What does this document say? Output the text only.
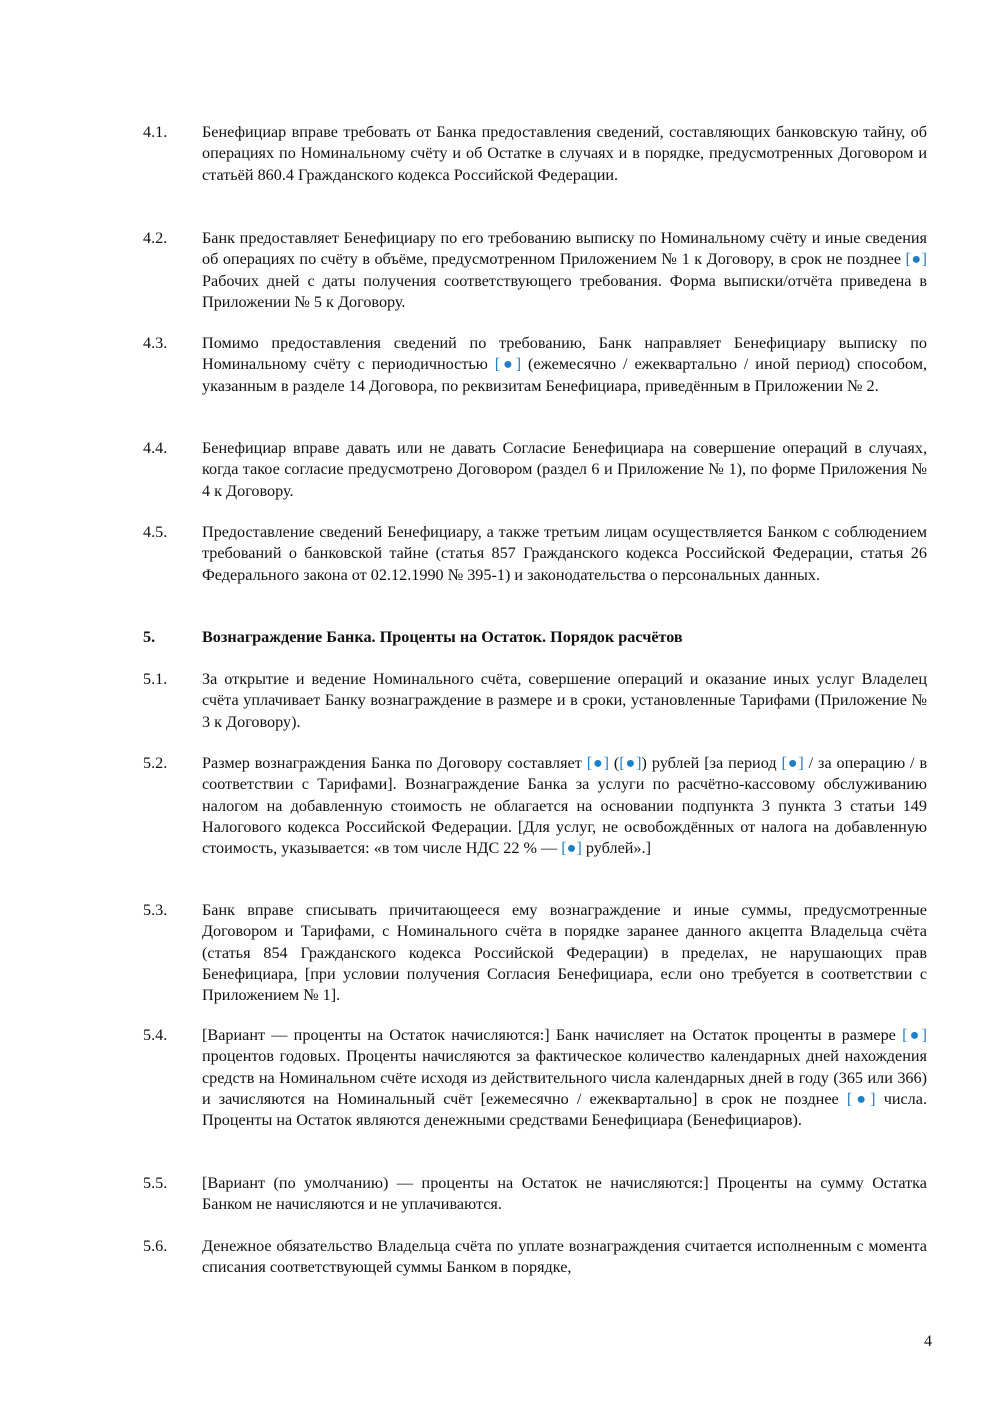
4.1.	Бенефициар вправе требовать от Банка предоставления сведений, составляющих банковскую тайну, об операциях по Номинальному счёту и об Остатке в случаях и в порядке, предусмотренных Договором и статьёй 860.4 Гражданского кодекса Российской Федерации.
4.2.	Банк предоставляет Бенефициару по его требованию выписку по Номинальному счёту и иные сведения об операциях по счёту в объёме, предусмотренном Приложением № 1 к Договору, в срок не позднее [●] Рабочих дней с даты получения соответствующего требования. Форма выписки/отчёта приведена в Приложении № 5 к Договору.
4.3.	Помимо предоставления сведений по требованию, Банк направляет Бенефициару выписку по Номинальному счёту с периодичностью [●] (ежемесячно / ежеквартально / иной период) способом, указанным в разделе 14 Договора, по реквизитам Бенефициара, приведённым в Приложении № 2.
4.4.	Бенефициар вправе давать или не давать Согласие Бенефициара на совершение операций в случаях, когда такое согласие предусмотрено Договором (раздел 6 и Приложение № 1), по форме Приложения № 4 к Договору.
4.5.	Предоставление сведений Бенефициару, а также третьим лицам осуществляется Банком с соблюдением требований о банковской тайне (статья 857 Гражданского кодекса Российской Федерации, статья 26 Федерального закона от 02.12.1990 № 395-1) и законодательства о персональных данных.
5.	Вознаграждение Банка. Проценты на Остаток. Порядок расчётов
5.1.	За открытие и ведение Номинального счёта, совершение операций и оказание иных услуг Владелец счёта уплачивает Банку вознаграждение в размере и в сроки, установленные Тарифами (Приложение № 3 к Договору).
5.2.	Размер вознаграждения Банка по Договору составляет [●] ([●]) рублей [за период [●] / за операцию / в соответствии с Тарифами]. Вознаграждение Банка за услуги по расчётно-кассовому обслуживанию налогом на добавленную стоимость не облагается на основании подпункта 3 пункта 3 статьи 149 Налогового кодекса Российской Федерации. [Для услуг, не освобождённых от налога на добавленную стоимость, указывается: «в том числе НДС 22 % — [●] рублей».]
5.3.	Банк вправе списывать причитающееся ему вознаграждение и иные суммы, предусмотренные Договором и Тарифами, с Номинального счёта в порядке заранее данного акцепта Владельца счёта (статья 854 Гражданского кодекса Российской Федерации) в пределах, не нарушающих прав Бенефициара, [при условии получения Согласия Бенефициара, если оно требуется в соответствии с Приложением № 1].
5.4.	[Вариант — проценты на Остаток начисляются:] Банк начисляет на Остаток проценты в размере [●] процентов годовых. Проценты начисляются за фактическое количество календарных дней нахождения средств на Номинальном счёте исходя из действительного числа календарных дней в году (365 или 366) и зачисляются на Номинальный счёт [ежемесячно / ежеквартально] в срок не позднее [●] числа. Проценты на Остаток являются денежными средствами Бенефициара (Бенефициаров).
5.5.	[Вариант (по умолчанию) — проценты на Остаток не начисляются:] Проценты на сумму Остатка Банком не начисляются и не уплачиваются.
5.6.	Денежное обязательство Владельца счёта по уплате вознаграждения считается исполненным с момента списания соответствующей суммы Банком в порядке,
4
